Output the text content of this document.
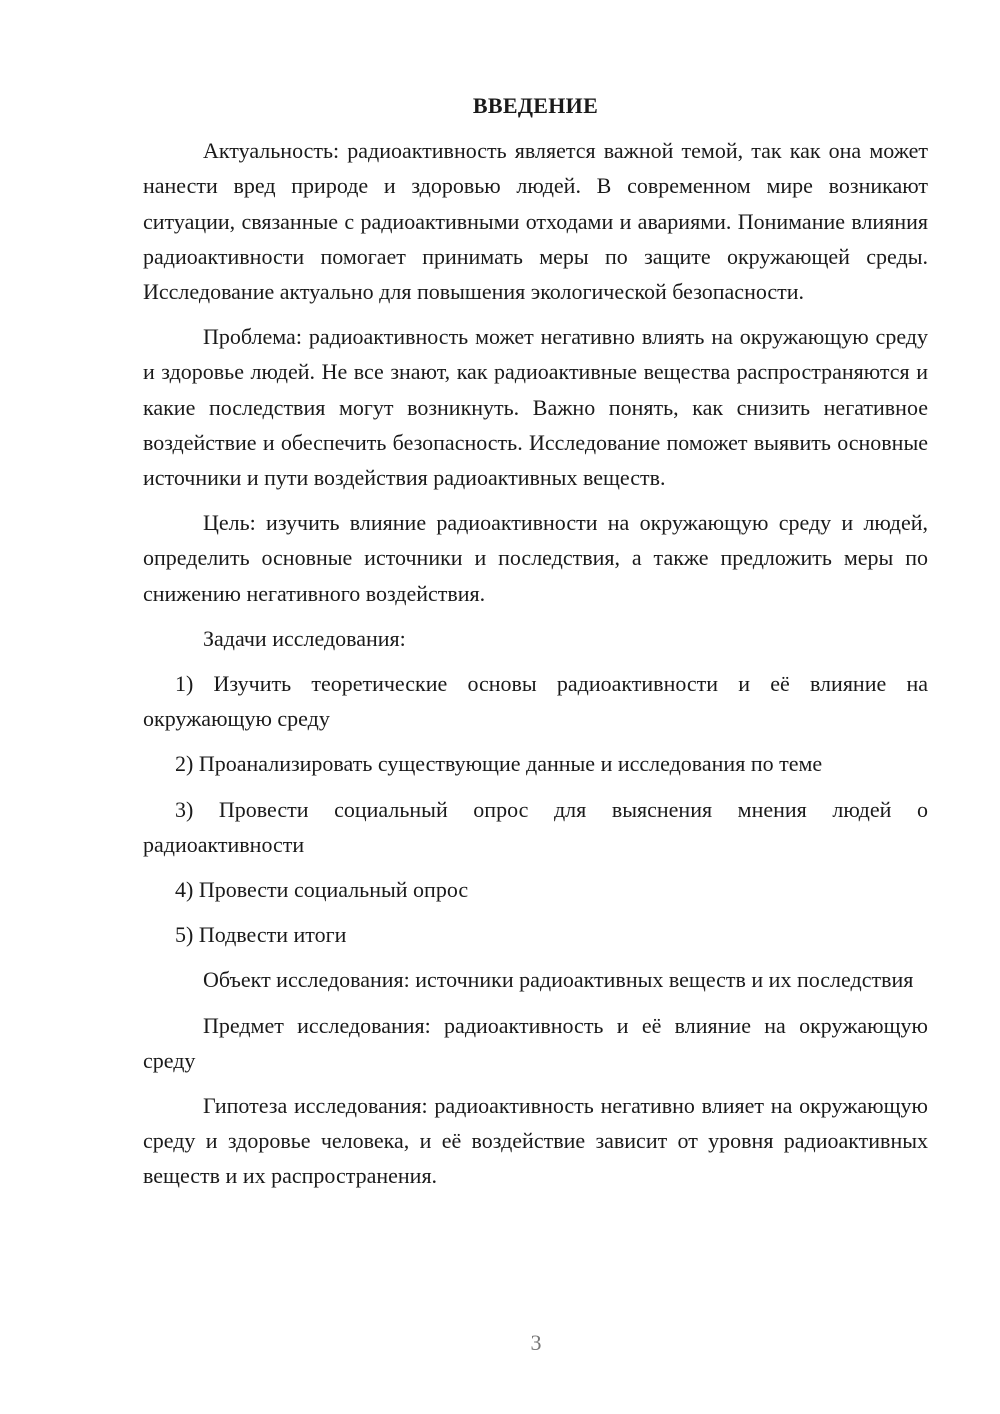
ВВЕДЕНИЕ
Актуальность: радиоактивность является важной темой, так как она может нанести вред природе и здоровью людей. В современном мире возникают ситуации, связанные с радиоактивными отходами и авариями. Понимание влияния радиоактивности помогает принимать меры по защите окружающей среды. Исследование актуально для повышения экологической безопасности.
Проблема: радиоактивность может негативно влиять на окружающую среду и здоровье людей. Не все знают, как радиоактивные вещества распространяются и какие последствия могут возникнуть. Важно понять, как снизить негативное воздействие и обеспечить безопасность. Исследование поможет выявить основные источники и пути воздействия радиоактивных веществ.
Цель: изучить влияние радиоактивности на окружающую среду и людей, определить основные источники и последствия, а также предложить меры по снижению негативного воздействия.
Задачи исследования:
1) Изучить теоретические основы радиоактивности и её влияние на окружающую среду
2) Проанализировать существующие данные и исследования по теме
3) Провести социальный опрос для выяснения мнения людей о радиоактивности
4) Провести социальный опрос
5) Подвести итоги
Объект исследования: источники радиоактивных веществ и их последствия
Предмет исследования: радиоактивность и её влияние на окружающую среду
Гипотеза исследования: радиоактивность негативно влияет на окружающую среду и здоровье человека, и её воздействие зависит от уровня радиоактивных веществ и их распространения.
3
